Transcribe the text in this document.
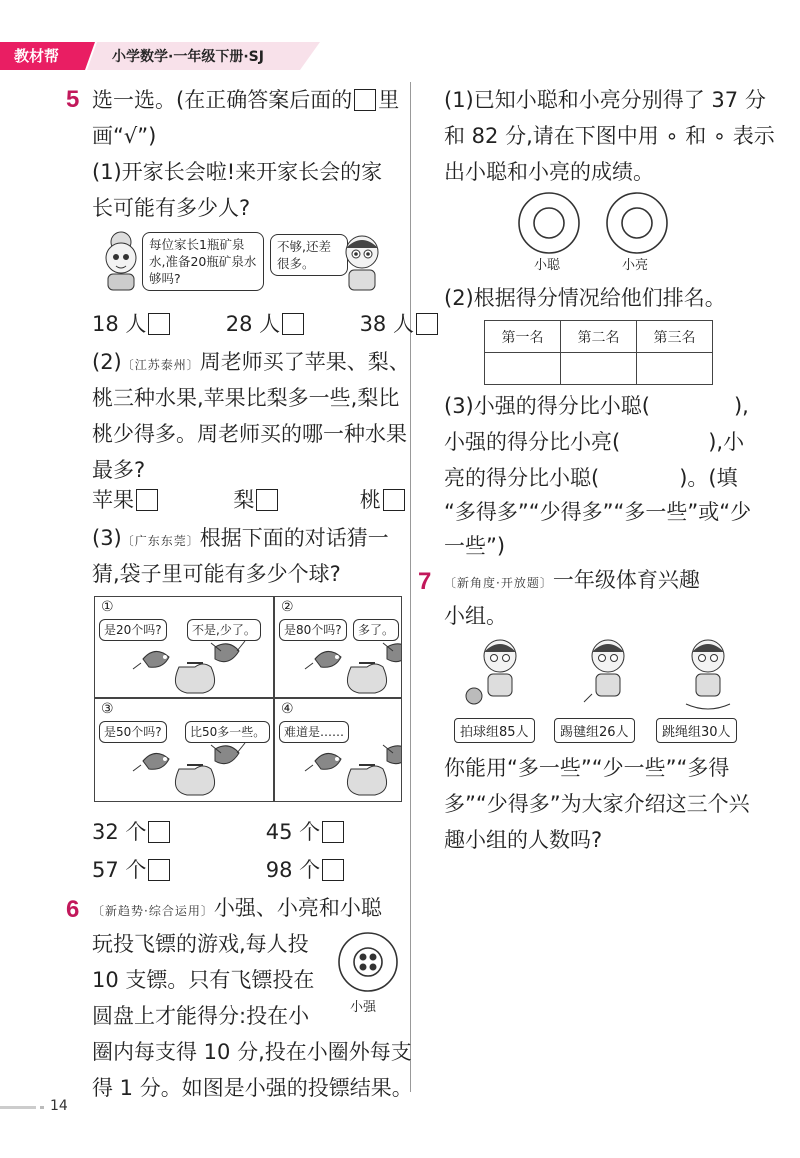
教材帮	小学数学·一年级下册·SJ
5 选一选。(在正确答案后面的 里
画“√”)
(1)开家长会啦!来开家长会的家
长可能有多少人?
每位家长1瓶矿泉水,准备20瓶矿泉水够吗?
不够,还差很多。
18 人	28 人	38 人
(2)〔江苏泰州〕周老师买了苹果、梨、
桃三种水果,苹果比梨多一些,梨比
桃少得多。周老师买的哪一种水果
最多?
苹果	梨	桃
(3)〔广东东莞〕根据下面的对话猜一
猜,袋子里可能有多少个球?
①
是20个吗?	不是,少了。
②
是80个吗?	多了。
③
是50个吗?	比50多一些。
④
难道是……
32 个	45 个
57 个	98 个
6 〔新趋势·综合运用〕小强、小亮和小聪
玩投飞镖的游戏,每人投
10 支镖。只有飞镖投在
圆盘上才能得分:投在小
圈内每支得 10 分,投在小圈外每支
得 1 分。如图是小强的投镖结果。
小强
(1)已知小聪和小亮分别得了 37 分
和 82 分,请在下图中用 ∘ 和 ∘ 表示
出小聪和小亮的成绩。
小聪	小亮
(2)根据得分情况给他们排名。
第一名	第二名	第三名

(3)小强的得分比小聪(	),
小强的得分比小亮(	),小
亮的得分比小聪(	)。(填
“多得多”“少得多”“多一些”或“少
一些”)
7 〔新角度·开放题〕一年级体育兴趣
小组。
拍球组85人	踢毽组26人	跳绳组30人
你能用“多一些”“少一些”“多得
多”“少得多”为大家介绍这三个兴
趣小组的人数吗?
14
